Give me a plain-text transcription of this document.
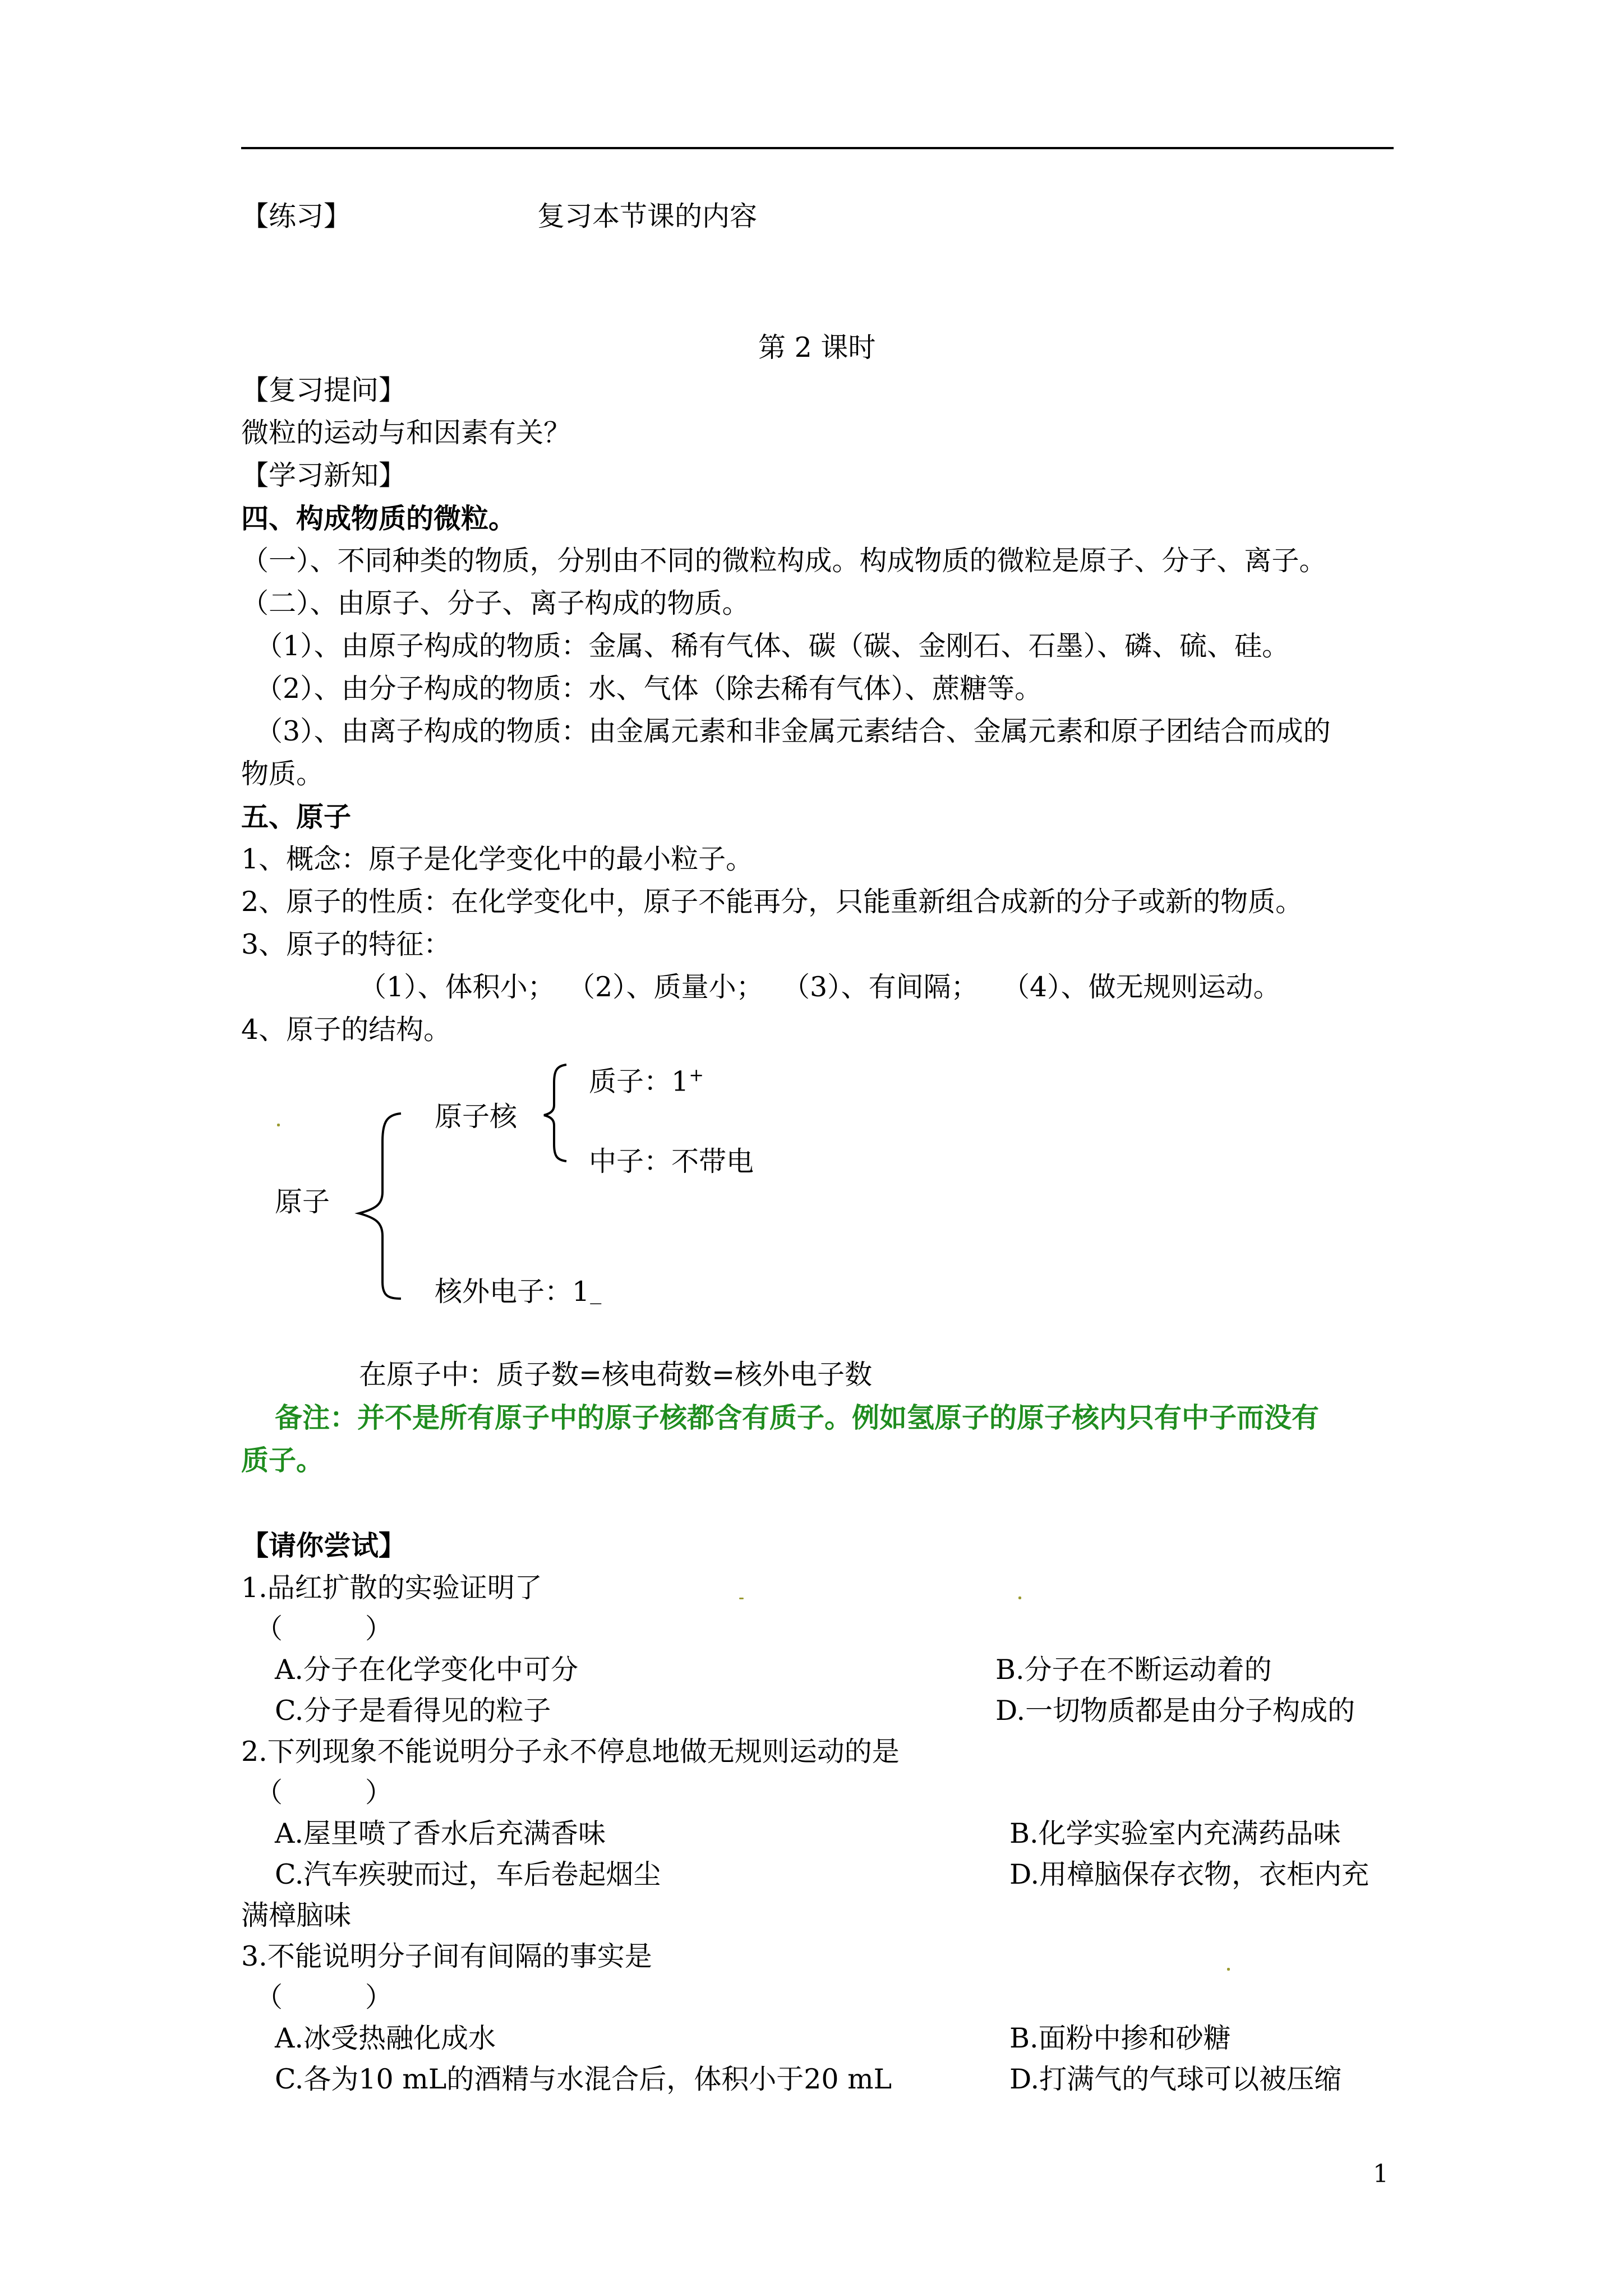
【练习】	复习本节课的内容
第 2 课时
【复习提问】
微粒的运动与和因素有关？
【学习新知】
四、构成物质的微粒。
（一）、不同种类的物质，分别由不同的微粒构成。构成物质的微粒是原子、分子、离子。
（二）、由原子、分子、离子构成的物质。
（1）、由原子构成的物质：金属、稀有气体、碳（碳、金刚石、石墨）、磷、硫、硅。
（2）、由分子构成的物质：水、气体（除去稀有气体）、蔗糖等。
（3）、由离子构成的物质：由金属元素和非金属元素结合、金属元素和原子团结合而成的
物质。
五、原子
1、概念：原子是化学变化中的最小粒子。
2、原子的性质：在化学变化中，原子不能再分，只能重新组合成新的分子或新的物质。
3、原子的特征：
（1）、体积小； （2）、质量小； （3）、有间隔； （4）、做无规则运动。
4、原子的结构。
原子核
质子：1+
中子：不带电
原子
核外电子：$1_—$
在原子中：质子数=核电荷数=核外电子数
备注：并不是所有原子中的原子核都含有质子。例如氢原子的原子核内只有中子而没有
质子。
【请你尝试】
1.品红扩散的实验证明了
（　　　）
A.分子在化学变化中可分	B.分子在不断运动着的
C.分子是看得见的粒子	D.一切物质都是由分子构成的
2.下列现象不能说明分子永不停息地做无规则运动的是
（　　　）
A.屋里喷了香水后充满香味	B.化学实验室内充满药品味
C.汽车疾驶而过，车后卷起烟尘	D.用樟脑保存衣物，衣柜内充
满樟脑味
3.不能说明分子间有间隔的事实是
（　　　）
A.冰受热融化成水	B.面粉中掺和砂糖
C.各为10 mL的酒精与水混合后，体积小于20 mL	D.打满气的气球可以被压缩
1
